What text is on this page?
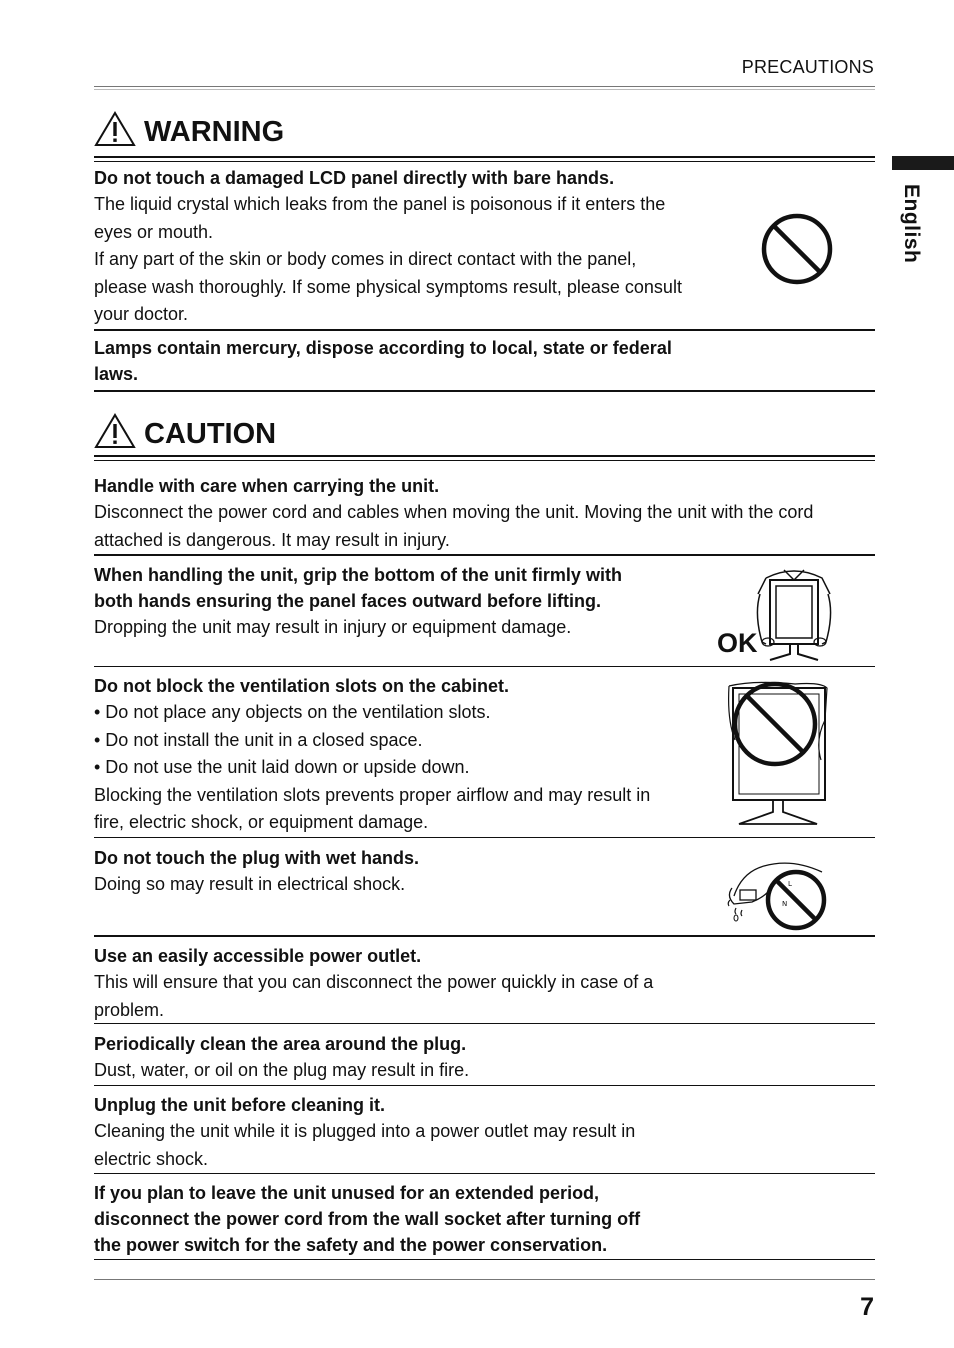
PRECAUTIONS
English
WARNING

Do not touch a damaged LCD panel directly with bare hands.

The liquid crystal which leaks from the panel is poisonous if it enters the

eyes or mouth.

If any part of the skin or body comes in direct contact with the panel,

please wash thoroughly. If some physical symptoms result, please consult

your doctor.

Lamps contain mercury, dispose according to local, state or federal

laws.

CAUTION

Handle with care when carrying the unit.

Disconnect the power cord and cables when moving the unit. Moving the unit with the cord

attached is dangerous. It may result in injury.

When handling the unit, grip the bottom of the unit firmly with

both hands ensuring the panel faces outward before lifting.

Dropping the unit may result in injury or equipment damage.

OK

Do not block the ventilation slots on the cabinet.

• Do not place any objects on the ventilation slots.

• Do not install the unit in a closed space.

• Do not use the unit laid down or upside down.

Blocking the ventilation slots prevents proper airflow and may result in

fire, electric shock, or equipment damage.

Do not touch the plug with wet hands.

Doing so may result in electrical shock.	L
N

Use an easily accessible power outlet.

This will ensure that you can disconnect the power quickly in case of a

problem.

Periodically clean the area around the plug.

Dust, water, or oil on the plug may result in fire.

Unplug the unit before cleaning it.

Cleaning the unit while it is plugged into a power outlet may result in

electric shock.

If you plan to leave the unit unused for an extended period,

disconnect the power cord from the wall socket after turning off

the power switch for the safety and the power conservation.

7
